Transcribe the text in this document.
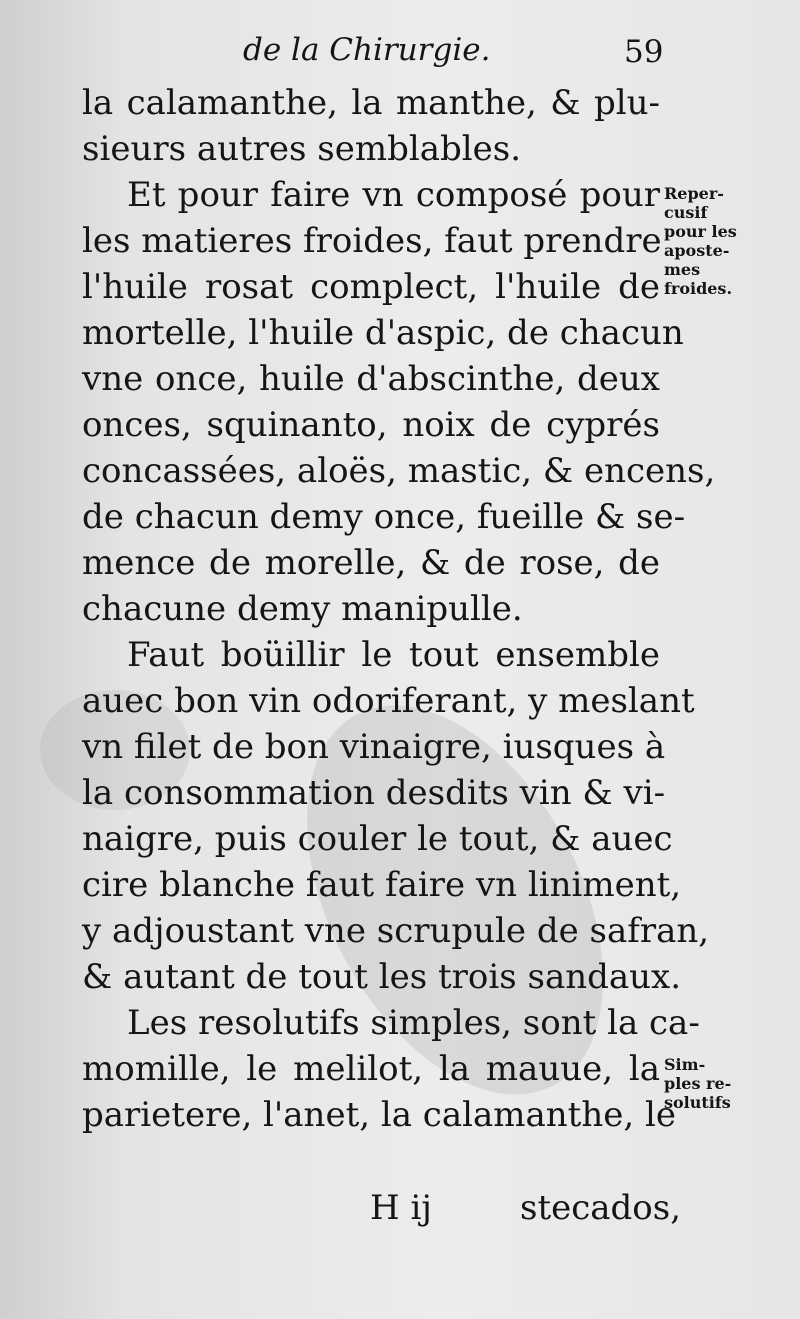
de la Chirurgie.	59
la calamanthe, la manthe, & plu-
sieurs autres semblables.
Et pour faire vn composé pour
les matieres froides, faut prendre
l'huile rosat complect, l'huile de
mortelle, l'huile d'aspic, de chacun
vne once, huile d'abscinthe, deux
onces, squinanto, noix de cyprés
concassées, aloës, mastic, & encens,
de chacun demy once, fueille & se-
mence de morelle, & de rose, de
chacune demy manipulle.
Faut boüillir le tout ensemble
auec bon vin odoriferant, y meslant
vn filet de bon vinaigre, iusques à
la consommation desdits vin & vi-
naigre, puis couler le tout, & auec
cire blanche faut faire vn liniment,
y adjoustant vne scrupule de safran,
& autant de tout les trois sandaux.
Les resolutifs simples, sont la ca-
momille, le melilot, la mauue, la
parietere, l'anet, la calamanthe, le
Reper-
cusif
pour les
aposte-
mes
froides.
Sim-
ples re-
solutifs
H ij	stecados,
